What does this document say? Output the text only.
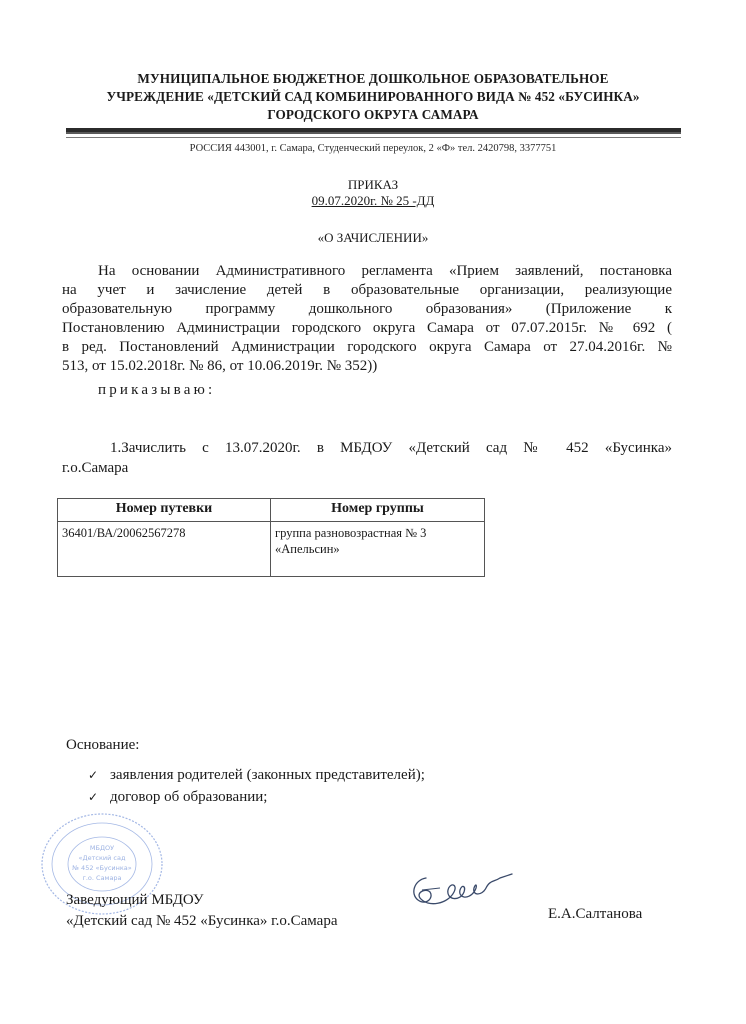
МУНИЦИПАЛЬНОЕ БЮДЖЕТНОЕ ДОШКОЛЬНОЕ ОБРАЗОВАТЕЛЬНОЕ
УЧРЕЖДЕНИЕ «ДЕТСКИЙ САД КОМБИНИРОВАННОГО ВИДА № 452 «БУСИНКА»
ГОРОДСКОГО ОКРУГА САМАРА
РОССИЯ 443001, г. Самара, Студенческий переулок, 2 «Ф» тел. 2420798, 3377751
ПРИКАЗ
09.07.2020г. № 25 -ДД
«О ЗАЧИСЛЕНИИ»
На основании Административного регламента «Прием заявлений, постановка
на учет и зачисление детей в образовательные организации, реализующие
образовательную программу дошкольного образования» (Приложение к
Постановлению Администрации городского округа Самара от 07.07.2015г. № 692 (
в ред. Постановлений Администрации городского округа Самара от 27.04.2016г. №
513, от 15.02.2018г. № 86, от 10.06.2019г. № 352))
приказываю:
1.Зачислить с 13.07.2020г. в МБДОУ «Детский сад № 452 «Бусинка»
г.о.Самара
Номер путевки	Номер группы
36401/ВА/20062567278	группа разновозрастная № 3 «Апельсин»
Основание:
✓ заявления родителей (законных представителей);
✓ договор об образовании;
МБДОУ
«Детский сад
№ 452 «Бусинка»
г.о. Самара
Заведующий МБДОУ
«Детский сад № 452 «Бусинка» г.о.Самара	Е.А.Салтанова
